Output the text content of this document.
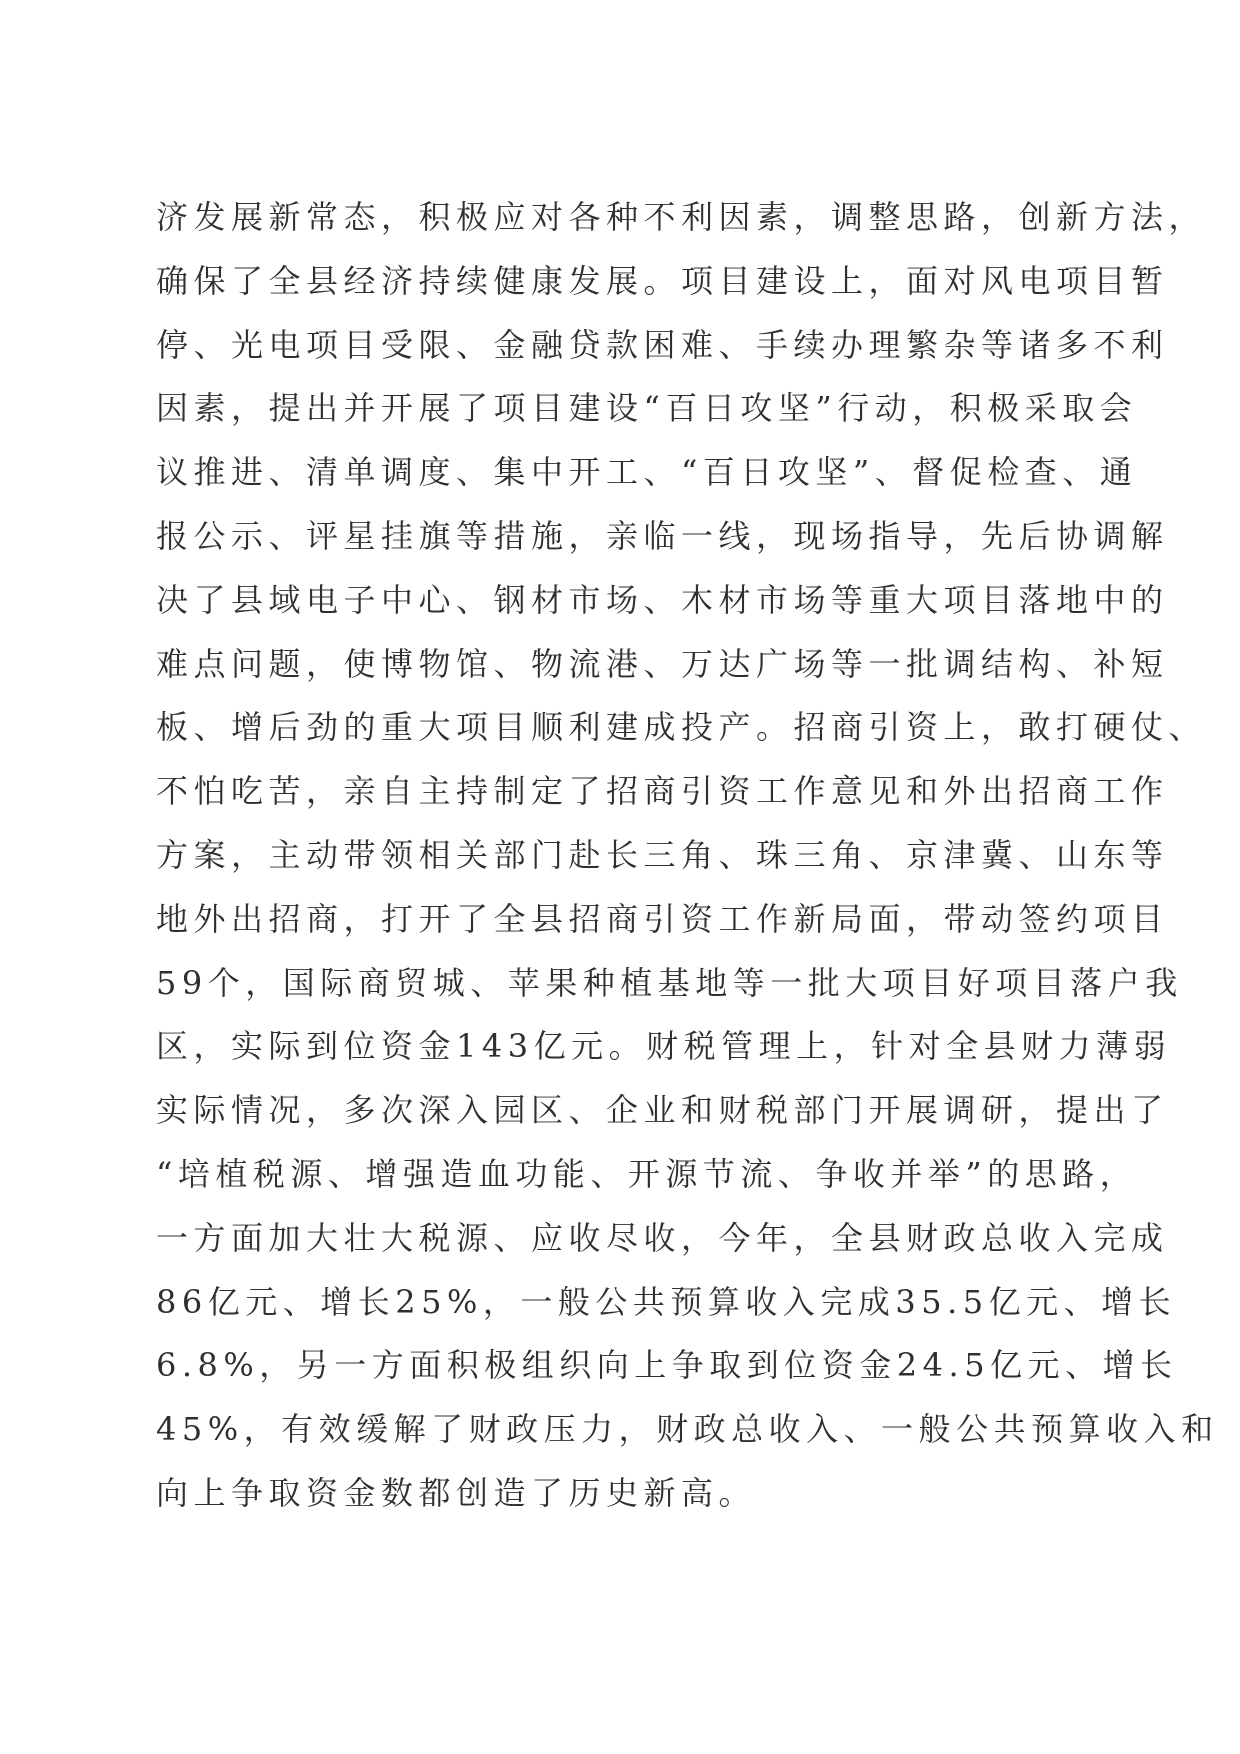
济发展新常态，积极应对各种不利因素，调整思路，创新方法，
确保了全县经济持续健康发展。项目建设上，面对风电项目暂
停、光电项目受限、金融贷款困难、手续办理繁杂等诸多不利
因素，提出并开展了项目建设“百日攻坚”行动，积极采取会
议推进、清单调度、集中开工、“百日攻坚”、督促检查、通
报公示、评星挂旗等措施，亲临一线，现场指导，先后协调解
决了县域电子中心、钢材市场、木材市场等重大项目落地中的
难点问题，使博物馆、物流港、万达广场等一批调结构、补短
板、增后劲的重大项目顺利建成投产。招商引资上，敢打硬仗、
不怕吃苦，亲自主持制定了招商引资工作意见和外出招商工作
方案，主动带领相关部门赴长三角、珠三角、京津冀、山东等
地外出招商，打开了全县招商引资工作新局面，带动签约项目
59个，国际商贸城、苹果种植基地等一批大项目好项目落户我
区，实际到位资金143亿元。财税管理上，针对全县财力薄弱
实际情况，多次深入园区、企业和财税部门开展调研，提出了
“培植税源、增强造血功能、开源节流、争收并举”的思路，
一方面加大壮大税源、应收尽收，今年，全县财政总收入完成
86亿元、增长25%，一般公共预算收入完成35.5亿元、增长
6.8%，另一方面积极组织向上争取到位资金24.5亿元、增长
45%，有效缓解了财政压力，财政总收入、一般公共预算收入和
向上争取资金数都创造了历史新高。
